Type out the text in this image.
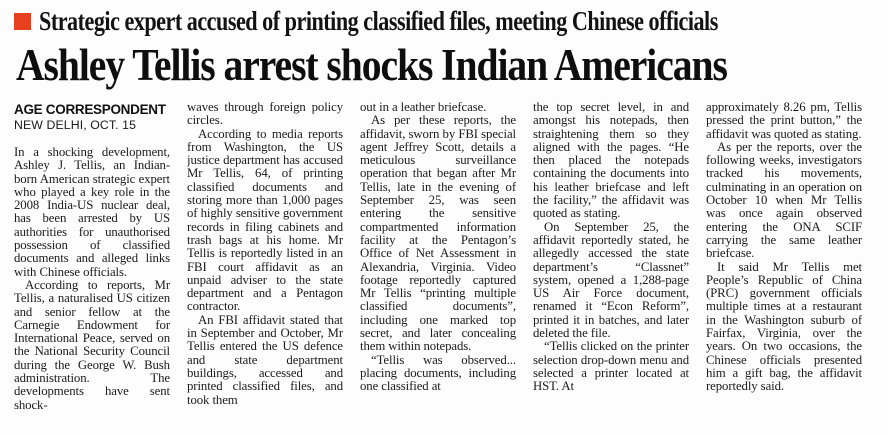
Strategic expert accused of printing classified files, meeting Chinese officials
Ashley Tellis arrest shocks Indian Americans
AGE CORRESPONDENT
NEW DELHI, OCT. 15

In a shocking development, Ashley J. Tellis, an Indian-born American strategic expert who played a key role in the 2008 India-US nuclear deal, has been arrested by US authorities for unauthorised possession of classified documents and alleged links with Chinese officials.

According to reports, Mr Tellis, a naturalised US citizen and senior fellow at the Carnegie Endowment for International Peace, served on the National Security Council during the George W. Bush administration. The developments have sent shock-

waves through foreign policy circles.

According to media reports from Washington, the US justice department has accused Mr Tellis, 64, of printing classified documents and storing more than 1,000 pages of highly sensitive government records in filing cabinets and trash bags at his home. Mr Tellis is reportedly listed in an FBI court affidavit as an unpaid adviser to the state department and a Pentagon contractor.

An FBI affidavit stated that in September and October, Mr Tellis entered the US defence and state department buildings, accessed and printed classified files, and took them

out in a leather briefcase.

As per these reports, the affidavit, sworn by FBI special agent Jeffrey Scott, details a meticulous surveillance operation that began after Mr Tellis, late in the evening of September 25, was seen entering the sensitive compartmented information facility at the Pentagon’s Office of Net Assessment in Alexandria, Virginia. Video footage reportedly captured Mr Tellis “printing multiple classified documents”, including one marked top secret, and later concealing them within notepads.

“Tellis was observed... placing documents, including one classified at

the top secret level, in and amongst his notepads, then straightening them so they aligned with the pages. “He then placed the notepads containing the documents into his leather briefcase and left the facility,” the affidavit was quoted as stating.

On September 25, the affidavit reportedly stated, he allegedly accessed the state department’s “Classnet” system, opened a 1,288-page US Air Force document, renamed it “Econ Reform”, printed it in batches, and later deleted the file.

“Tellis clicked on the printer selection drop-down menu and selected a printer located at HST. At

approximately 8.26 pm, Tellis pressed the print button,” the affidavit was quoted as stating.

As per the reports, over the following weeks, investigators tracked his movements, culminating in an operation on October 10 when Mr Tellis was once again observed entering the ONA SCIF carrying the same leather briefcase.

It said Mr Tellis met People’s Republic of China (PRC) government officials multiple times at a restaurant in the Washington suburb of Fairfax, Virginia, over the years. On two occasions, the Chinese officials presented him a gift bag, the affidavit reportedly said.
